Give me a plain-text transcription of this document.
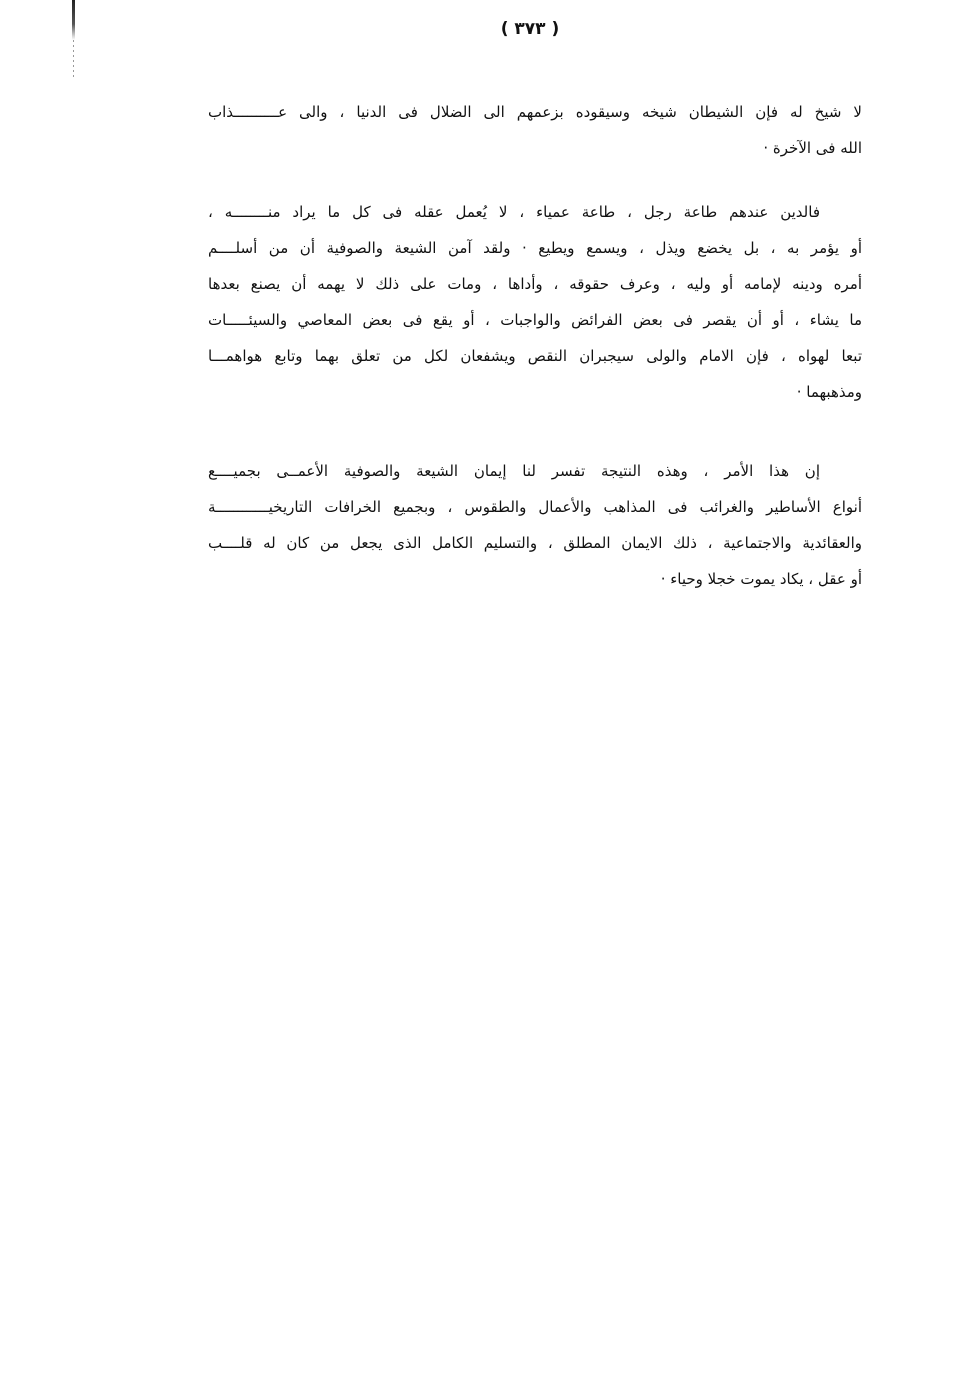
( ٣٧٣ )
لا شيخ له فإن الشيطان شيخه وسيقوده بزعمهم الى الضلال فى الدنيا ، والى عــــــــــذاب
الله فى الآخرة ·
فالدين عندهم طاعة رجل ، طاعة عمياء ، لا يُعمل عقله فى كل ما يراد منــــــــه ،
أو يؤمر به ، بل يخضع ويذل ، ويسمع ويطيع · ولقد آمن الشيعة والصوفية أن من أسلــــم
أمره ودينه لإمامه أو وليه ، وعرف حقوقه ، وأداها ، ومات على ذلك لا يهمه أن يصنع بعدها
ما يشاء ، أو أن يقصر فى بعض الفرائض والواجبات ، أو يقع فى بعض المعاصي والسيئـــــات
تبعا لهواه ، فإن الامام والولى سيجبران النقص ويشفعان لكل من تعلق بهما وتابع هواهمـــا
ومذهبهما ·
إن هذا الأمر ، وهذه النتيجة تفسر لنا إيمان الشيعة والصوفية الأعمــى بجميــــع
أنواع الأساطير والغرائب فى المذاهب والأعمال والطقوس ، وبجميع الخرافات التاريخيــــــــــــة
والعقائدية والاجتماعية ، ذلك الايمان المطلق ، والتسليم الكامل الذى يجعل من كان له قلــــب
أو عقل ، يكاد يموت خجلا وحياء ·
